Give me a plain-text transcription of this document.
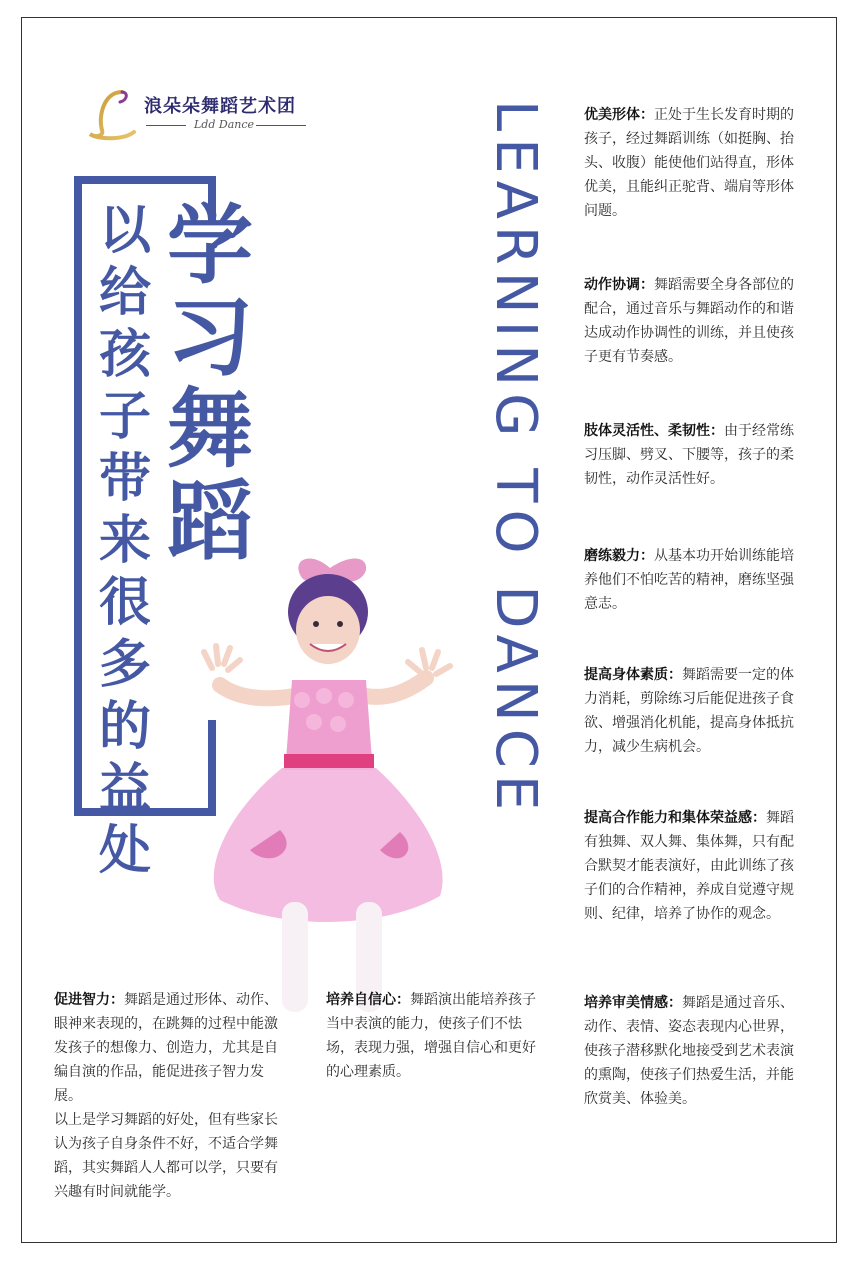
浪朵朵舞蹈艺术团
Ldd Dance
学
习
舞
蹈
以
给
孩
子
带
来
很
多
的
益
处
LEARNING TO DANCE	优美形体：正处于生长发育时期的孩子，经过舞蹈训练（如挺胸、抬头、收腹）能使他们站得直，形体优美，且能纠正驼背、端肩等形体问题。
动作协调：舞蹈需要全身各部位的配合，通过音乐与舞蹈动作的和谐达成动作协调性的训练，并且使孩子更有节奏感。
肢体灵活性、柔韧性：由于经常练习压脚、劈叉、下腰等，孩子的柔韧性，动作灵活性好。
磨练毅力：从基本功开始训练能培养他们不怕吃苦的精神，磨练坚强意志。
提高身体素质：舞蹈需要一定的体力消耗，剪除练习后能促进孩子食欲、增强消化机能，提高身体抵抗力，减少生病机会。
提高合作能力和集体荣益感：舞蹈有独舞、双人舞、集体舞，只有配合默契才能表演好，由此训练了孩子们的合作精神，养成自觉遵守规则、纪律，培养了协作的观念。
培养审美情感：舞蹈是通过音乐、动作、表情、姿态表现内心世界，使孩子潜移默化地接受到艺术表演的熏陶，使孩子们热爱生活，并能欣赏美、体验美。
促进智力：舞蹈是通过形体、动作、眼神来表现的，在跳舞的过程中能激发孩子的想像力、创造力，尤其是自编自演的作品，能促进孩子智力发展。
以上是学习舞蹈的好处，但有些家长认为孩子自身条件不好，不适合学舞蹈，其实舞蹈人人都可以学，只要有兴趣有时间就能学。
培养自信心：舞蹈演出能培养孩子当中表演的能力，使孩子们不怯场，表现力强，增强自信心和更好的心理素质。
